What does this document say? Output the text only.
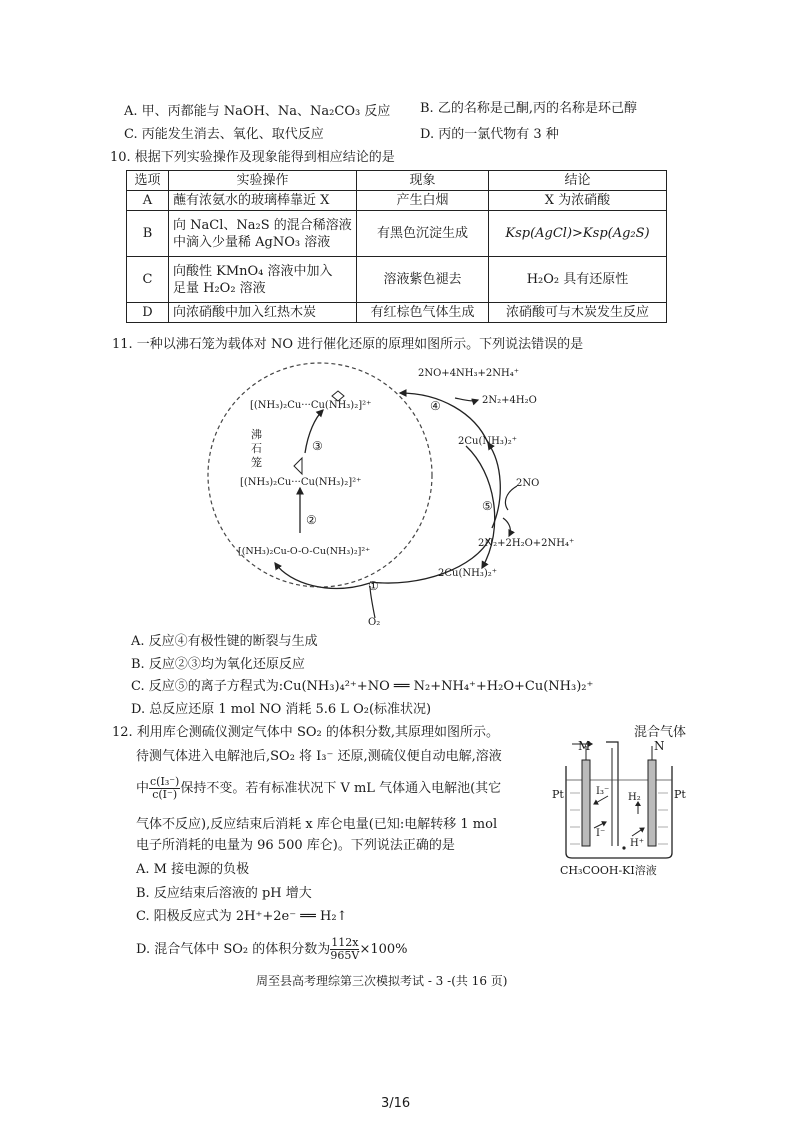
A. 甲、丙都能与 NaOH、Na、Na₂CO₃ 反应 B. 乙的名称是己酮,丙的名称是环己醇
C. 丙能发生消去、氧化、取代反应	D. 丙的一氯代物有 3 种
10. 根据下列实验操作及现象能得到相应结论的是
选项	实验操作	现象	结论
A	蘸有浓氨水的玻璃棒靠近 X	产生白烟	X 为浓硝酸
B	向 NaCl、Na₂S 的混合稀溶液
中滴入少量稀 AgNO₃ 溶液	有黑色沉淀生成	Ksp(AgCl)>Ksp(Ag₂S)
C	向酸性 KMnO₄ 溶液中加入
足量 H₂O₂ 溶液	溶液紫色褪去	H₂O₂ 具有还原性
D	向浓硝酸中加入红热木炭	有红棕色气体生成	浓硝酸可与木炭发生反应
11. 一种以沸石笼为载体对 NO 进行催化还原的原理如图所示。下列说法错误的是
[(NH₃)₂Cu···Cu(NH₃)₂]²⁺
[(NH₃)₂Cu···Cu(NH₃)₂]²⁺
[(NH₃)₂Cu-O-O-Cu(NH₃)₂]²⁺
沸
石
笼
2NO+4NH₃+2NH₄⁺
2N₂+4H₂O
2Cu(NH₃)₂⁺
2NO
2N₂+2H₂O+2NH₄⁺
2Cu(NH₃)₂⁺
O₂
①
②
③
④
⑤
A. 反应④有极性键的断裂与生成
B. 反应②③均为氧化还原反应
C. 反应⑤的离子方程式为:Cu(NH₃)₄²⁺+NO ══ N₂+NH₄⁺+H₂O+Cu(NH₃)₂⁺
D. 总反应还原 1 mol NO 消耗 5.6 L O₂(标准状况)
12. 利用库仑测硫仪测定气体中 SO₂ 的体积分数,其原理如图所示。	混合气体
待测气体进入电解池后,SO₂ 将 I₃⁻ 还原,测硫仪便自动电解,溶液
中 $\frac{\text{c(I₃⁻)}}{c(I^-)}$ 保持不变。若有标准状况下 V mL 气体通入电解池(其它
气体不反应),反应结束后消耗 x 库仑电量(已知:电解转移 1 mol
电子所消耗的电量为 96 500 库仑)。下列说法正确的是
A. M 接电源的负极
B. 反应结束后溶液的 pH 增大
C. 阳极反应式为 2H⁺+2e⁻ ══ H₂↑
D. 混合气体中 SO₂ 的体积分数为 $\frac{112x}{965V} \times 100\%$
M	N
Pt	Pt
I₃⁻
I⁻
H₂
H⁺
CH₃COOH-KI溶液
周至县高考理综第三次模拟考试 - 3 -(共 16 页)
3/16
